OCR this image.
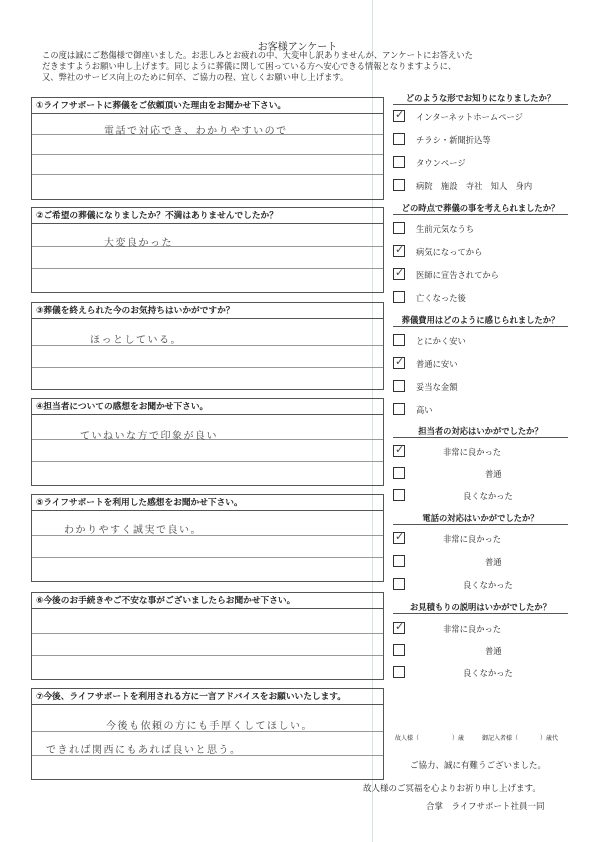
お客様アンケート
この度は誠にご愁傷様で御座いました。お悲しみとお疲れの中、大変申し訳ありませんが、アンケートにお答えいた
だきますようお願い申し上げます。同じように葬儀に関して困っている方へ安心できる情報となりますように、
又、弊社のサービス向上のために何卒、ご協力の程、宜しくお願い申し上げます。
①ライフサポートに葬儀をご依頼頂いた理由をお聞かせ下さい。
電話で対応でき、わかりやすいので
②ご希望の葬儀になりましたか？不満はありませんでしたか？
大変良かった
③葬儀を終えられた今のお気持ちはいかがですか？
ほっとしている。
④担当者についての感想をお聞かせ下さい。
ていねいな方で印象が良い
⑤ライフサポートを利用した感想をお聞かせ下さい。
わかりやすく誠実で良い。
⑥今後のお手続きやご不安な事がございましたらお聞かせ下さい。
⑦今後、ライフサポートを利用される方に一言アドバイスをお願いいたします。
今後も依頼の方にも手厚くしてほしい。
できれば関西にもあれば良いと思う。
どのような形でお知りになりましたか？
✓ インターネットホームページ
チラシ・新聞折込等
タウンページ
病院　施設　寺社　知人　身内
どの時点で葬儀の事を考えられましたか？
生前元気なうち
✓ 病気になってから
✓ 医師に宣告されてから
亡くなった後
葬儀費用はどのように感じられましたか？
とにかく安い
✓ 普通に安い
妥当な金額
高い
担当者の対応はいかがでしたか？
✓	非常に良かった
普通
良くなかった
電話の対応はいかがでしたか？
✓	非常に良かった
普通
良くなかった
お見積もりの説明はいかがでしたか？
✓	非常に良かった
普通
良くなかった
故人様（	）歳	御記入者様（	）歳代
ご協力、誠に有難うございました。
故人様のご冥福を心よりお祈り申し上げます。
合掌　ライフサポート社員一同
